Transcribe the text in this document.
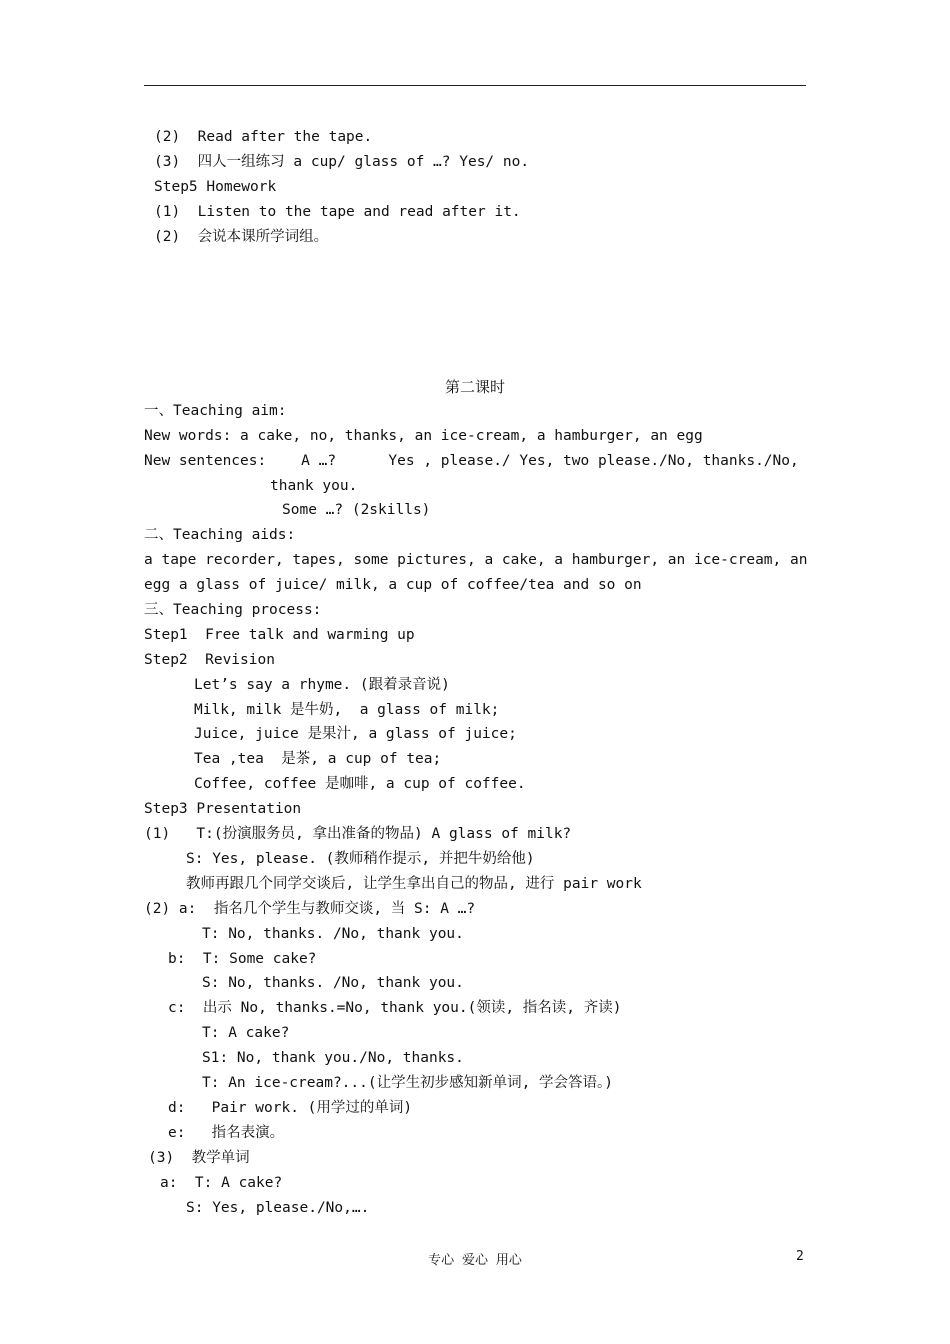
(2)  Read after the tape.
(3)  四人一组练习 a cup/ glass of …? Yes/ no.
Step5 Homework
(1)  Listen to the tape and read after it.
(2)  会说本课所学词组。
第二课时
一、Teaching aim:
New words: a cake, no, thanks, an ice-cream, a hamburger, an egg
New sentences:    A …?      Yes , please./ Yes, two please./No, thanks./No,
thank you.
Some …? (2skills)
二、Teaching aids:
a tape recorder, tapes, some pictures, a cake, a hamburger, an ice-cream, an
egg a glass of juice/ milk, a cup of coffee/tea and so on
三、Teaching process:
Step1  Free talk and warming up
Step2  Revision
Let’s say a rhyme. (跟着录音说)
Milk, milk 是牛奶,  a glass of milk;
Juice, juice 是果汁, a glass of juice;
Tea ,tea  是茶, a cup of tea;
Coffee, coffee 是咖啡, a cup of coffee.
Step3 Presentation
(1)   T:(扮演服务员, 拿出准备的物品) A glass of milk?
S: Yes, please. (教师稍作提示, 并把牛奶给他)
教师再跟几个同学交谈后, 让学生拿出自己的物品, 进行 pair work
(2) a:  指名几个学生与教师交谈, 当 S: A …?
T: No, thanks. /No, thank you.
b:  T: Some cake?
S: No, thanks. /No, thank you.
c:  出示 No, thanks.=No, thank you.(领读, 指名读, 齐读)
T: A cake?
S1: No, thank you./No, thanks.
T: An ice-cream?...(让学生初步感知新单词, 学会答语。)
d:   Pair work. (用学过的单词)
e:   指名表演。
(3)  教学单词
a:  T: A cake?
S: Yes, please./No,….
专心 爱心 用心	2
